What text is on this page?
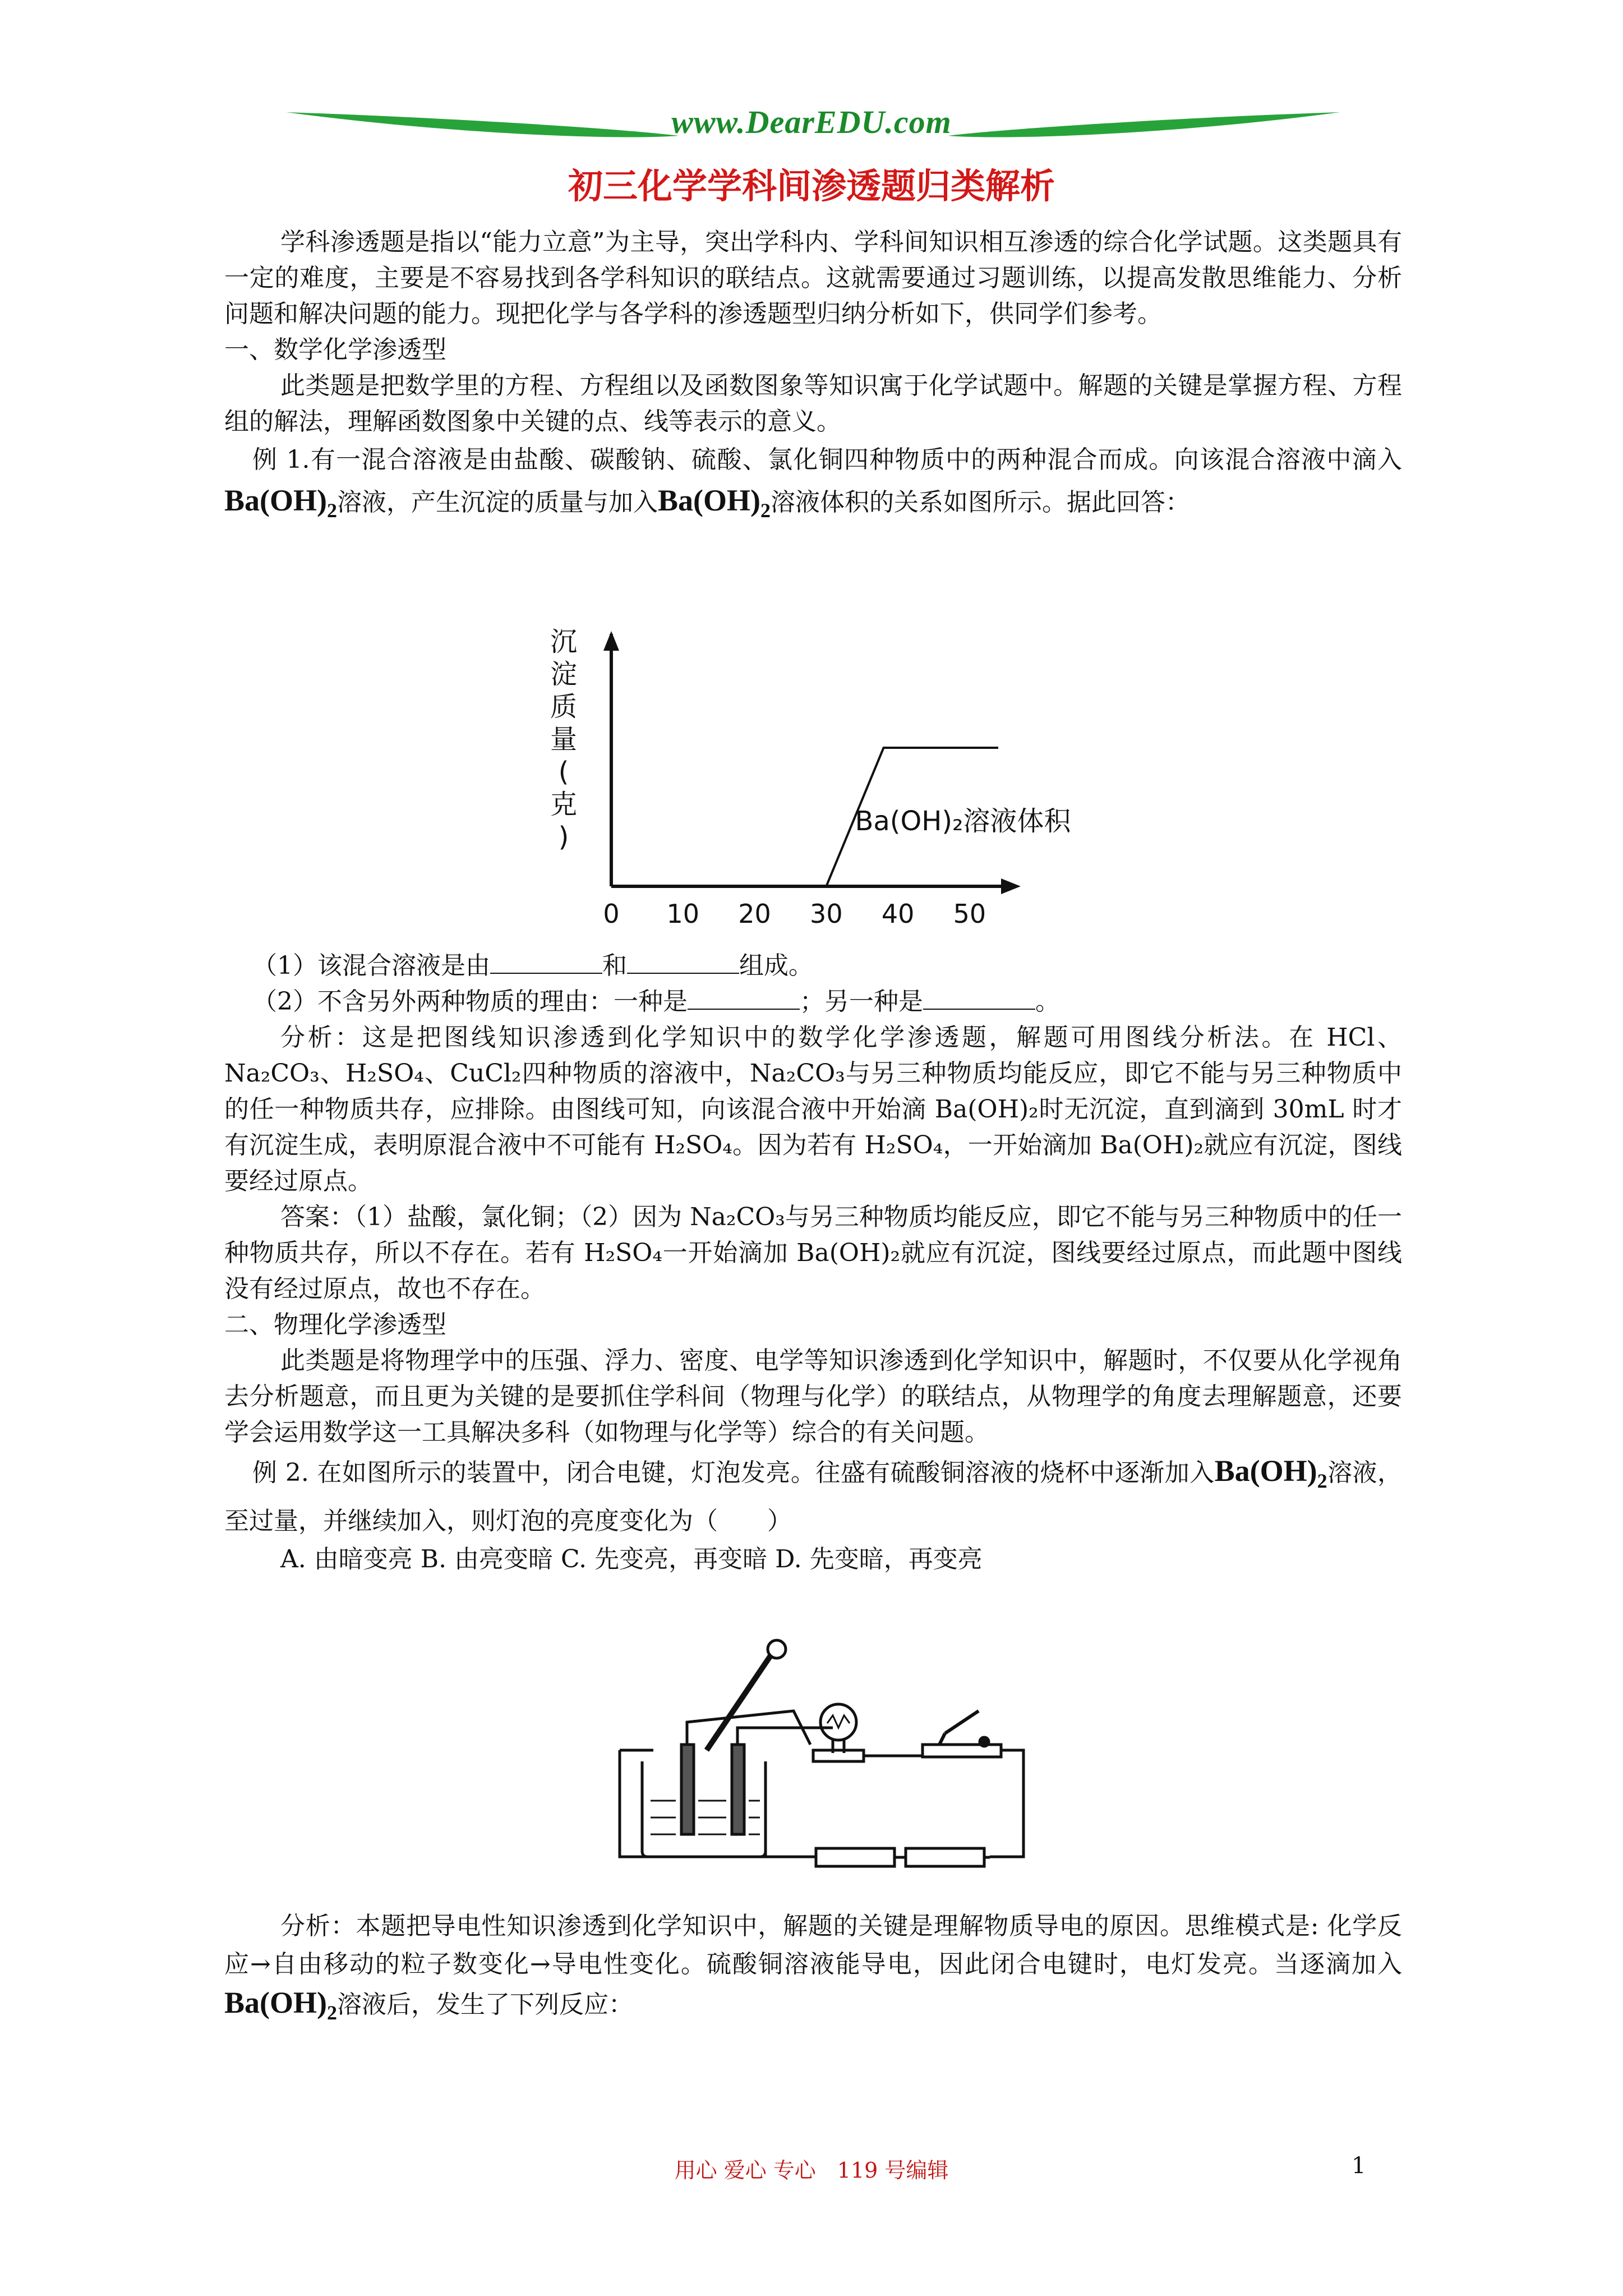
www.DearEDU.com
初三化学学科间渗透题归类解析

学科渗透题是指以“能力立意”为主导，突出学科内、学科间知识相互渗透的综合化学试题。这类题具有一定的难度，主要是不容易找到各学科知识的联结点。这就需要通过习题训练，以提高发散思维能力、分析问题和解决问题的能力。现把化学与各学科的渗透题型归纳分析如下，供同学们参考。

一、数学化学渗透型

此类题是把数学里的方程、方程组以及函数图象等知识寓于化学试题中。解题的关键是掌握方程、方程组的解法，理解函数图象中关键的点、线等表示的意义。

例 1.有一混合溶液是由盐酸、碳酸钠、硫酸、氯化铜四种物质中的两种混合而成。向该混合溶液中滴入$Ba(OH)_2$溶液，产生沉淀的质量与加入$Ba(OH)_2$溶液体积的关系如图所示。据此回答：

沉
淀
质
量
(
克
)
0 10 20 30 40 50
Ba(OH)₂溶液体积

（1）该混合溶液是由	和	组成。

（2）不含另外两种物质的理由：一种是	；另一种是	。

分析：这是把图线知识渗透到化学知识中的数学化学渗透题，解题可用图线分析法。在 HCl、Na₂CO₃、H₂SO₄、CuCl₂四种物质的溶液中，Na₂CO₃与另三种物质均能反应，即它不能与另三种物质中的任一种物质共存，应排除。由图线可知，向该混合液中开始滴 Ba(OH)₂时无沉淀，直到滴到 30mL 时才有沉淀生成，表明原混合液中不可能有 H₂SO₄。因为若有 H₂SO₄，一开始滴加 Ba(OH)₂就应有沉淀，图线要经过原点。

答案：（1）盐酸，氯化铜；（2）因为 Na₂CO₃与另三种物质均能反应，即它不能与另三种物质中的任一种物质共存，所以不存在。若有 H₂SO₄一开始滴加 Ba(OH)₂就应有沉淀，图线要经过原点，而此题中图线没有经过原点，故也不存在。

二、物理化学渗透型

此类题是将物理学中的压强、浮力、密度、电学等知识渗透到化学知识中，解题时，不仅要从化学视角去分析题意，而且更为关键的是要抓住学科间（物理与化学）的联结点，从物理学的角度去理解题意，还要学会运用数学这一工具解决多科（如物理与化学等）综合的有关问题。

例 2. 在如图所示的装置中，闭合电键，灯泡发亮。往盛有硫酸铜溶液的烧杯中逐渐加入$Ba(OH)_2$溶液，至过量，并继续加入，则灯泡的亮度变化为（　　）

A. 由暗变亮 B. 由亮变暗 C. 先变亮，再变暗 D. 先变暗，再变亮

分析：本题把导电性知识渗透到化学知识中，解题的关键是理解物质导电的原因。思维模式是: 化学反应→自由移动的粒子数变化→导电性变化。硫酸铜溶液能导电，因此闭合电键时，电灯发亮。当逐滴加入$Ba(OH)_2$溶液后，发生了下列反应：

用心 爱心 专心　119 号编辑	1
